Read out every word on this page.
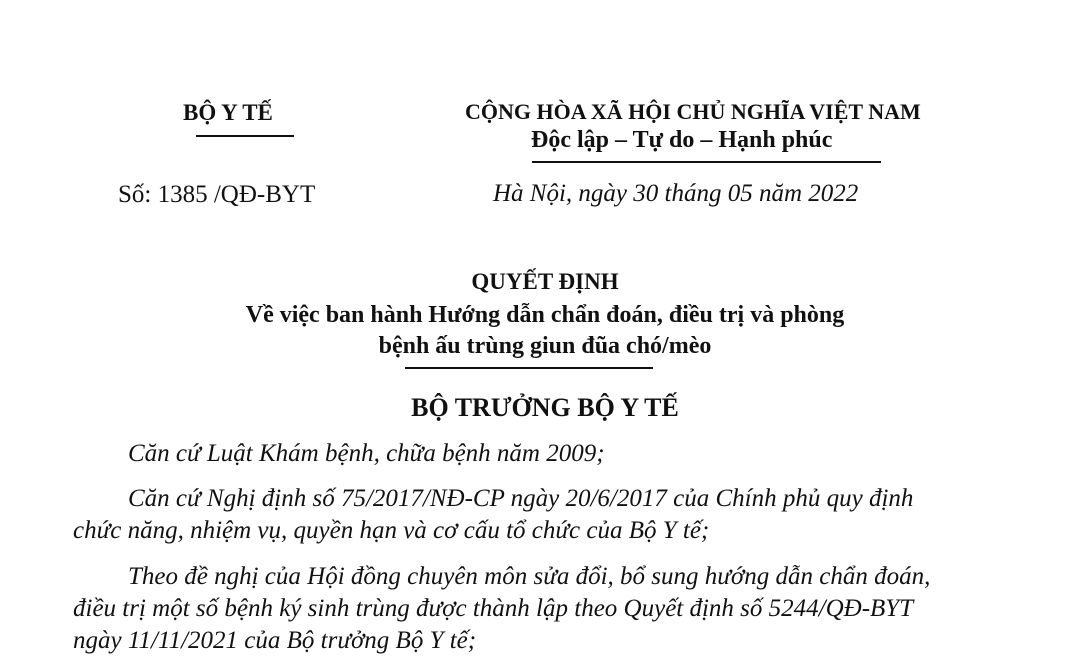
BỘ Y TẾ	CỘNG HÒA XÃ HỘI CHỦ NGHĨA VIỆT NAM
Độc lập – Tự do – Hạnh phúc
Số: 1385 /QĐ-BYT	Hà Nội, ngày 30 tháng 05 năm 2022
QUYẾT ĐỊNH
Về việc ban hành Hướng dẫn chẩn đoán, điều trị và phòng
bệnh ấu trùng giun đũa chó/mèo
BỘ TRƯỞNG BỘ Y TẾ
Căn cứ Luật Khám bệnh, chữa bệnh năm 2009;
Căn cứ Nghị định số 75/2017/NĐ-CP ngày 20/6/2017 của Chính phủ quy định
chức năng, nhiệm vụ, quyền hạn và cơ cấu tổ chức của Bộ Y tế;
Theo đề nghị của Hội đồng chuyên môn sửa đổi, bổ sung hướng dẫn chẩn đoán,
điều trị một số bệnh ký sinh trùng được thành lập theo Quyết định số 5244/QĐ-BYT
ngày 11/11/2021 của Bộ trưởng Bộ Y tế;
